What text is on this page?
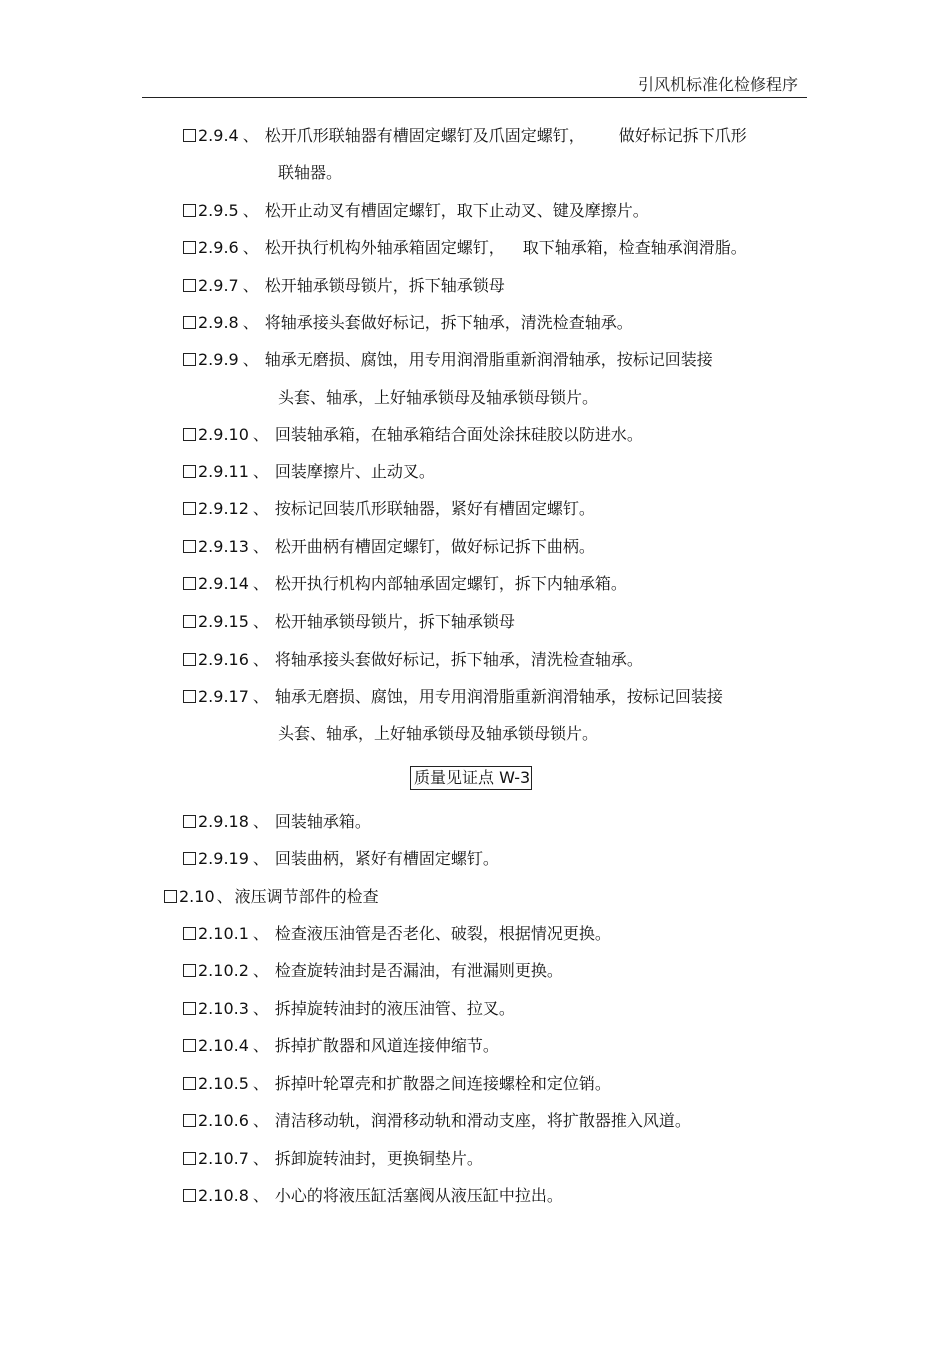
引风机标准化检修程序
2.9.4 、 松开爪形联轴器有槽固定螺钉及爪固定螺钉， 做好标记拆下爪形
联轴器。
2.9.5 、 松开止动叉有槽固定螺钉，取下止动叉、键及摩擦片。
2.9.6 、 松开执行机构外轴承箱固定螺钉， 取下轴承箱，检查轴承润滑脂。
2.9.7 、 松开轴承锁母锁片，拆下轴承锁母
2.9.8 、 将轴承接头套做好标记，拆下轴承，清洗检查轴承。
2.9.9 、 轴承无磨损、腐蚀，用专用润滑脂重新润滑轴承，按标记回装接
头套、轴承，上好轴承锁母及轴承锁母锁片。
2.9.10 、 回装轴承箱，在轴承箱结合面处涂抹硅胶以防进水。
2.9.11 、 回装摩擦片、止动叉。
2.9.12 、 按标记回装爪形联轴器，紧好有槽固定螺钉。
2.9.13 、 松开曲柄有槽固定螺钉，做好标记拆下曲柄。
2.9.14 、 松开执行机构内部轴承固定螺钉，拆下内轴承箱。
2.9.15 、 松开轴承锁母锁片，拆下轴承锁母
2.9.16 、 将轴承接头套做好标记，拆下轴承，清洗检查轴承。
2.9.17 、 轴承无磨损、腐蚀，用专用润滑脂重新润滑轴承，按标记回装接
头套、轴承，上好轴承锁母及轴承锁母锁片。
质量见证点 W-3
2.9.18 、 回装轴承箱。
2.9.19 、 回装曲柄，紧好有槽固定螺钉。
2.10 、 液压调节部件的检查
2.10.1 、 检查液压油管是否老化、破裂，根据情况更换。
2.10.2 、 检查旋转油封是否漏油，有泄漏则更换。
2.10.3 、 拆掉旋转油封的液压油管、拉叉。
2.10.4 、 拆掉扩散器和风道连接伸缩节。
2.10.5 、 拆掉叶轮罩壳和扩散器之间连接螺栓和定位销。
2.10.6 、 清洁移动轨，润滑移动轨和滑动支座，将扩散器推入风道。
2.10.7 、 拆卸旋转油封，更换铜垫片。
2.10.8 、 小心的将液压缸活塞阀从液压缸中拉出。
